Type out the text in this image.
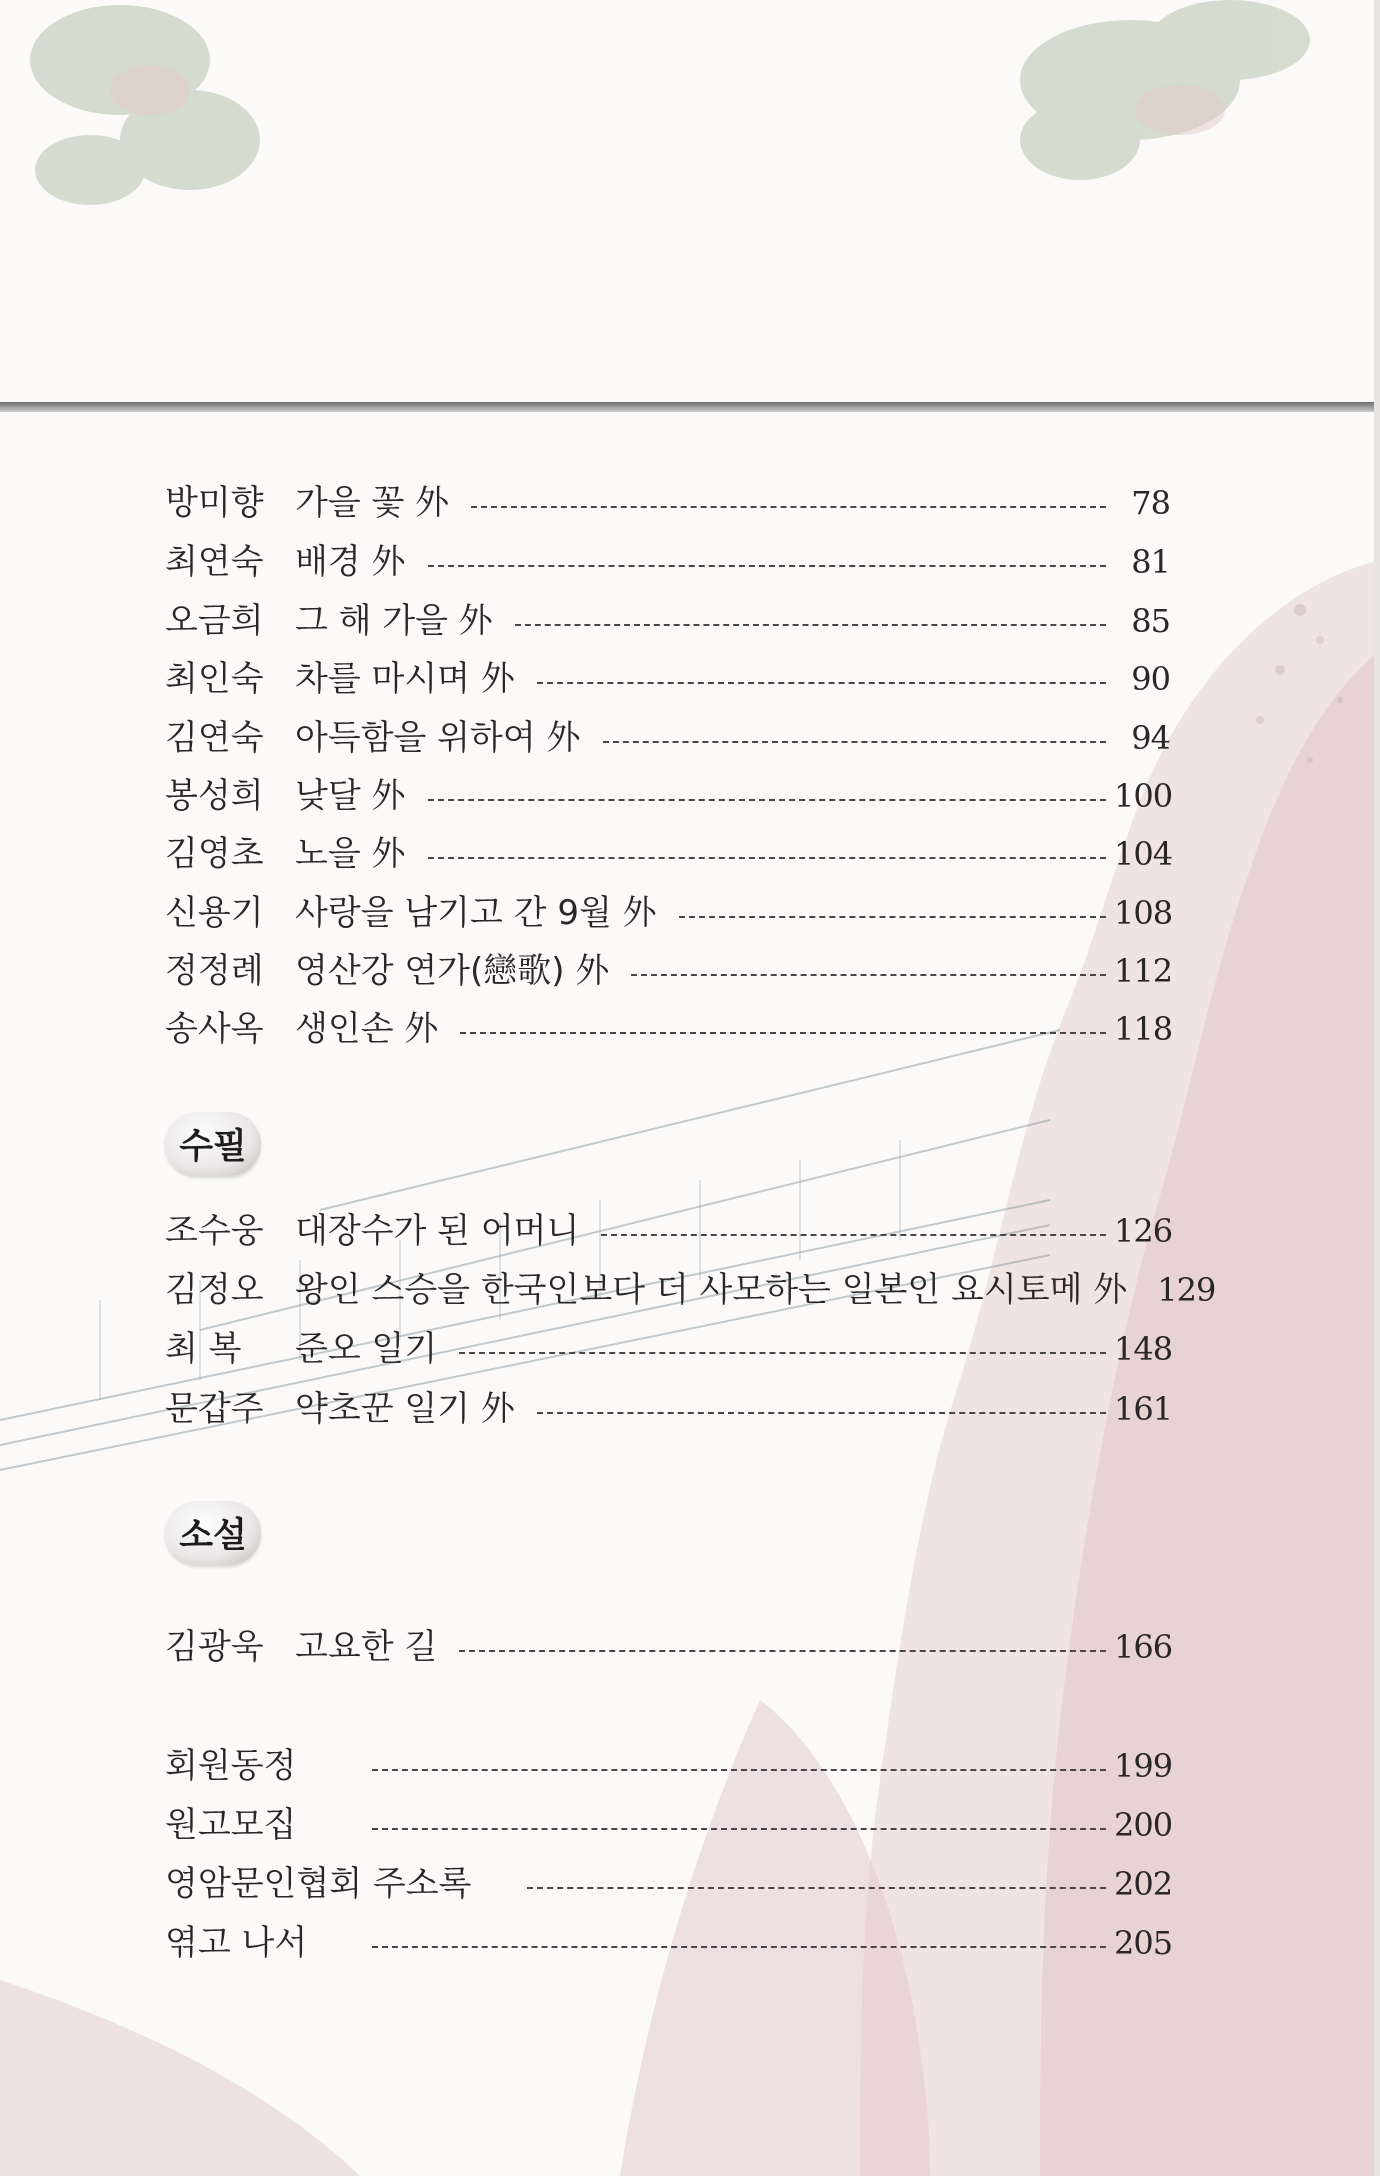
방미향 가을 꽃 外	78
최연숙 배경 外	81
오금희 그 해 가을 外	85
최인숙 차를 마시며 外	90
김연숙 아득함을 위하여 外	94
봉성희 낮달 外	100
김영초 노을 外	104
신용기 사랑을 남기고 간 9월 外	108
정정례 영산강 연가(戀歌) 外	112
송사옥 생인손 外	118
수필
조수웅 대장수가 된 어머니	126
김정오 왕인 스승을 한국인보다 더 사모하는 일본인 요시토메 外 129
최 복	준오 일기	148
문갑주 약초꾼 일기 外	161
소설
김광욱 고요한 길	166
회원동정	199
원고모집	200
영암문인협회 주소록	202
엮고 나서	205
